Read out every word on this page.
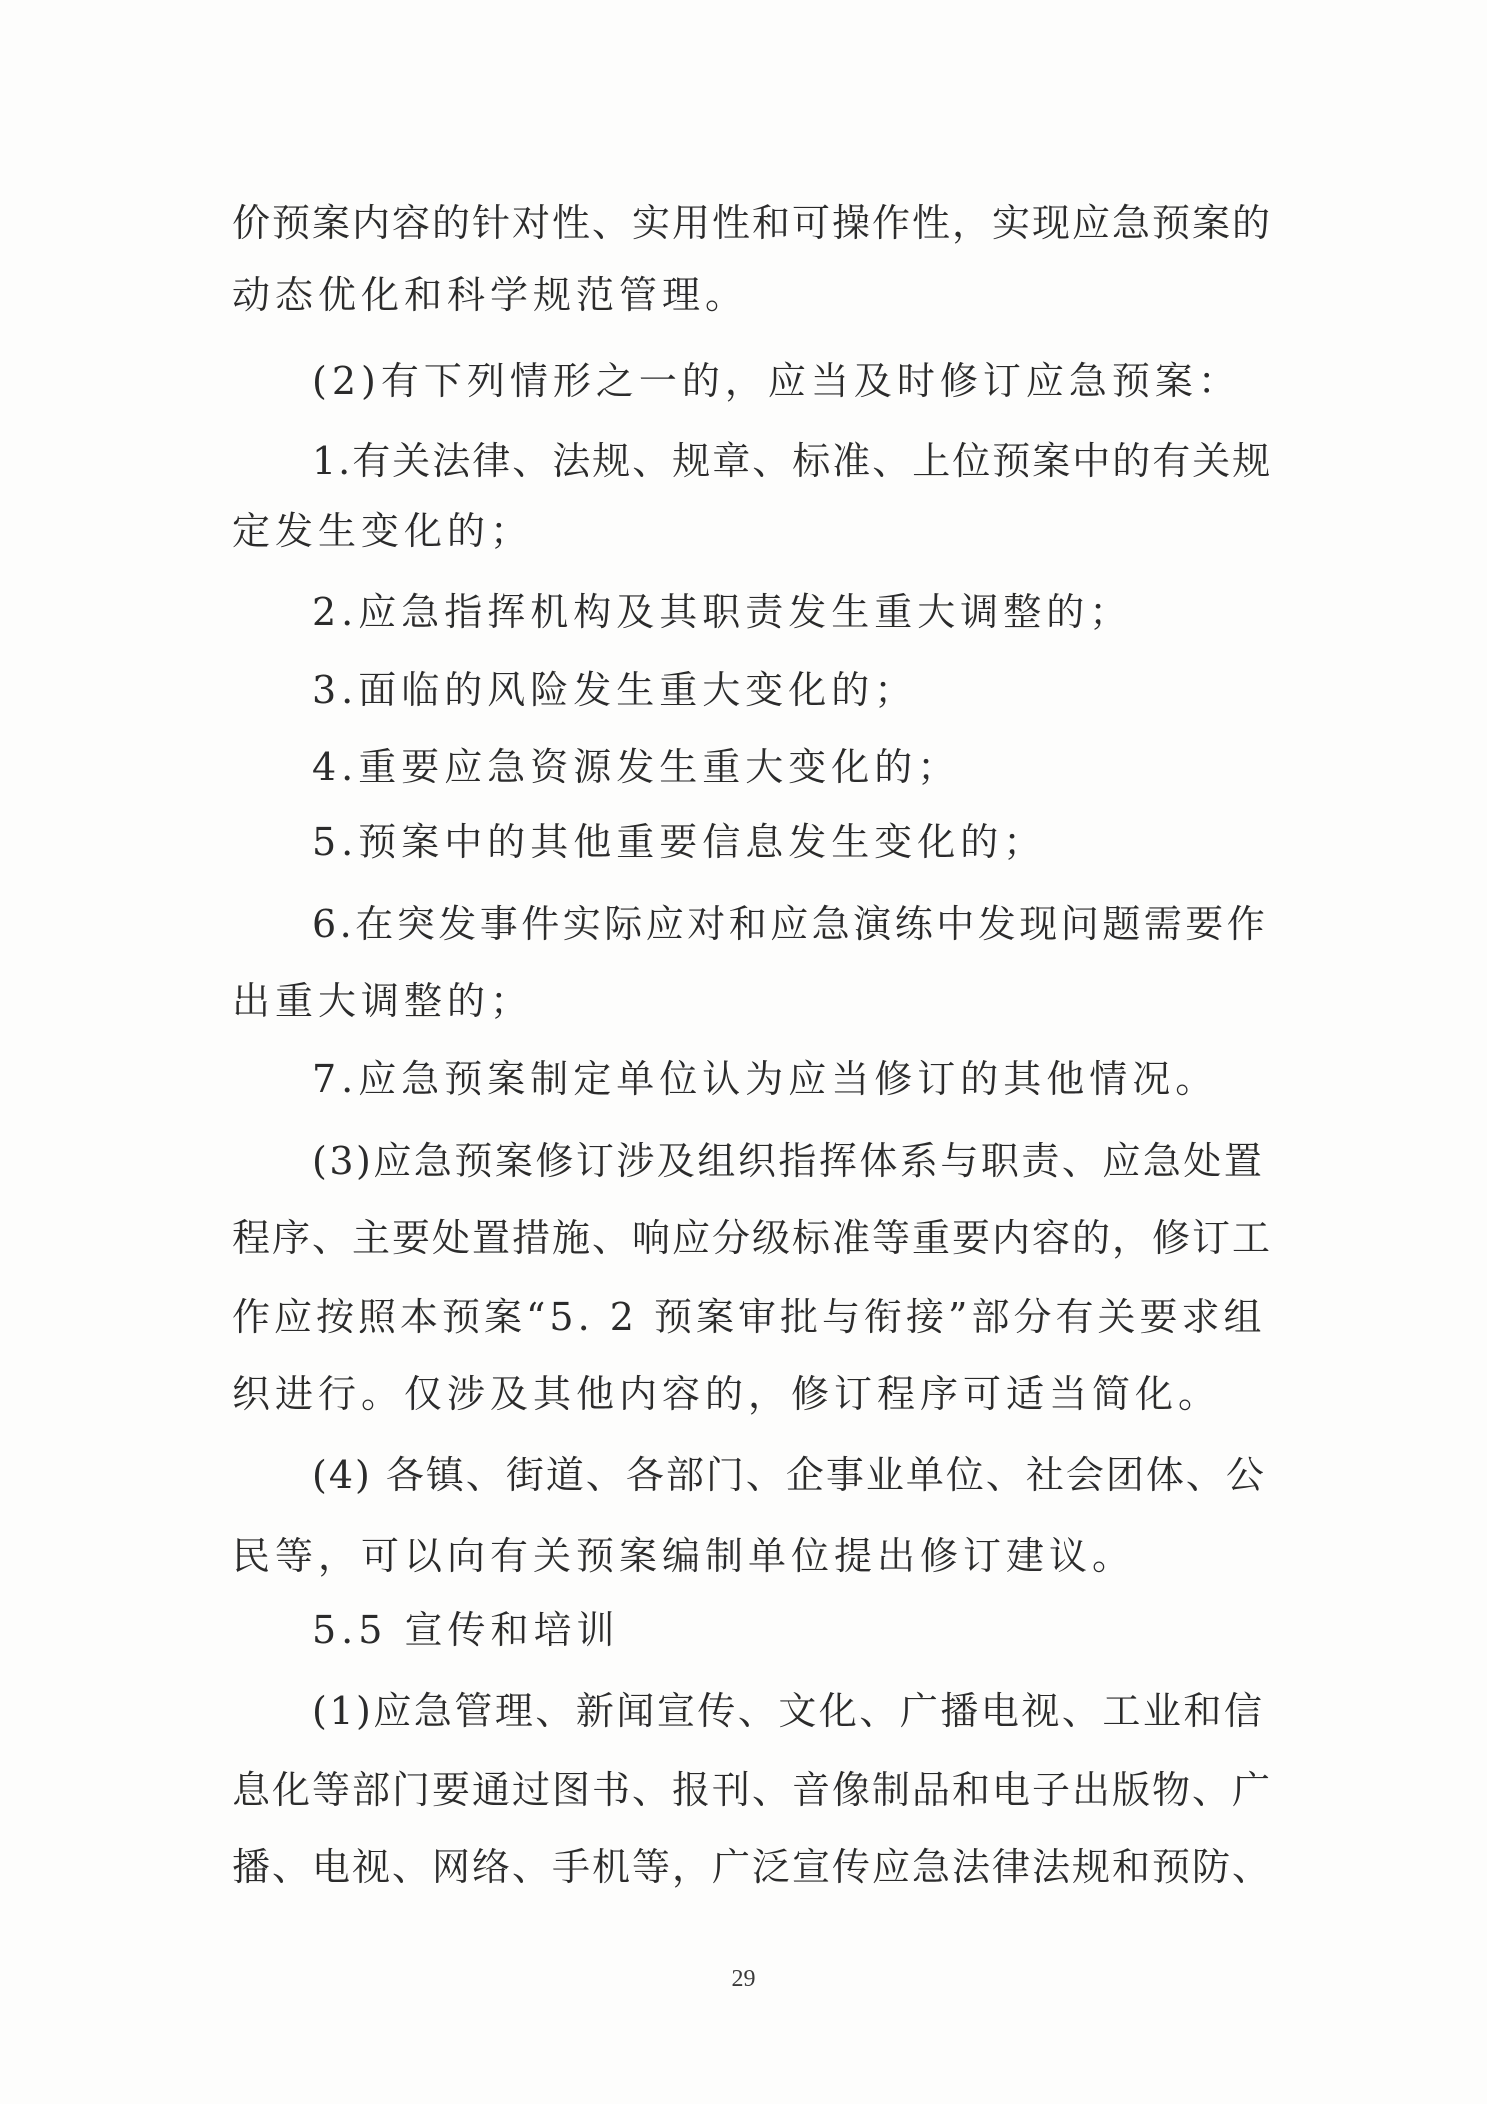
价预案内容的针对性、实用性和可操作性，实现应急预案的

动态优化和科学规范管理。

(2)有下列情形之一的，应当及时修订应急预案：

1.有关法律、法规、规章、标准、上位预案中的有关规

定发生变化的；

2.应急指挥机构及其职责发生重大调整的；

3.面临的风险发生重大变化的；

4.重要应急资源发生重大变化的；

5.预案中的其他重要信息发生变化的；

6.在突发事件实际应对和应急演练中发现问题需要作

出重大调整的；

7.应急预案制定单位认为应当修订的其他情况。

(3)应急预案修订涉及组织指挥体系与职责、应急处置

程序、主要处置措施、响应分级标准等重要内容的，修订工

作应按照本预案“5. 2 预案审批与衔接”部分有关要求组

织进行。仅涉及其他内容的，修订程序可适当简化。

(4) 各镇、街道、各部门、企事业单位、社会团体、公

民等，可以向有关预案编制单位提出修订建议。

5.5 宣传和培训

(1)应急管理、新闻宣传、文化、广播电视、工业和信

息化等部门要通过图书、报刊、音像制品和电子出版物、广

播、电视、网络、手机等，广泛宣传应急法律法规和预防、

29
